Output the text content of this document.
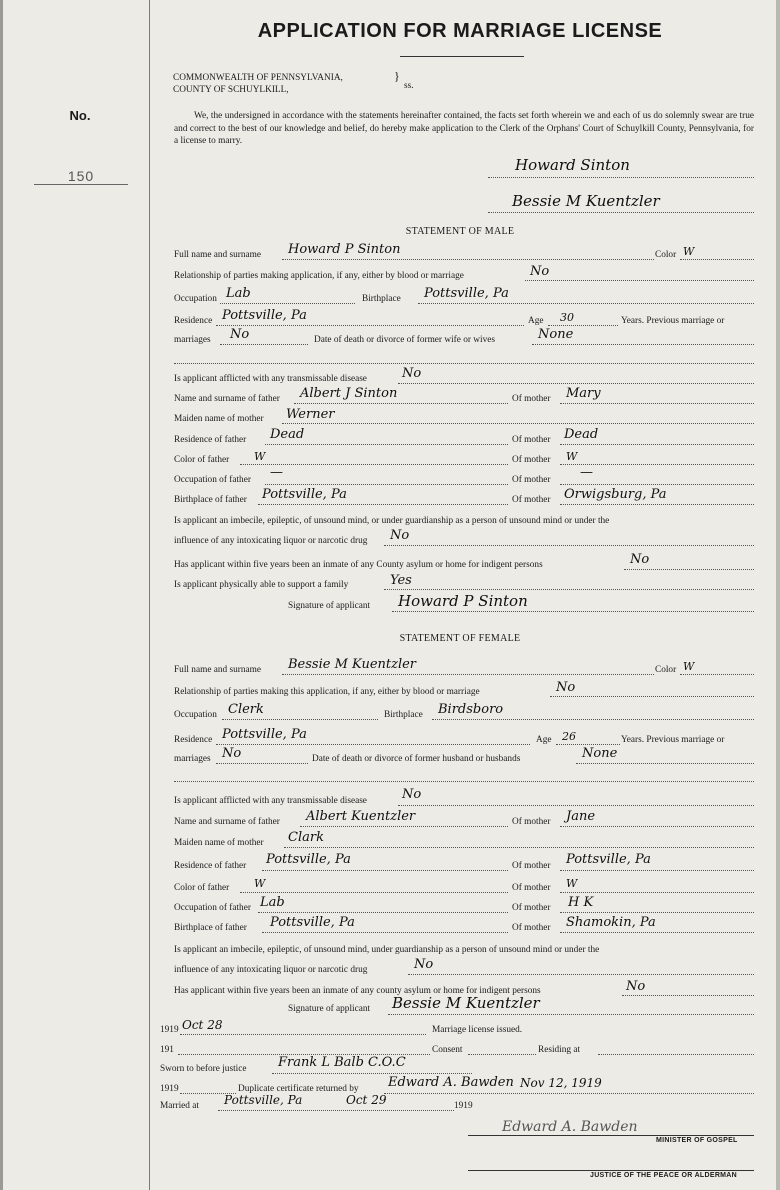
No.
150
APPLICATION FOR MARRIAGE LICENSE
COMMONWEALTH OF PENNSYLVANIA,
COUNTY OF SCHUYLKILL,
}
ss.
We, the undersigned in accordance with the statements hereinafter contained, the facts set forth wherein we and each of us do solemnly swear are true and correct to the best of our knowledge and belief, do hereby make application to the Clerk of the Orphans' Court of Schuylkill County, Pennsylvania, for a license to marry.
Howard Sinton
Bessie M Kuentzler
STATEMENT OF MALE
Full name and surname Howard P Sinton	Color W
Relationship of parties making application, if any, either by blood or marriage	No
Occupation Lab	Birthplace Pottsville, Pa
Residence Pottsville, Pa	Age 30	Years. Previous marriage or
marriages No	Date of death or divorce of former wife or wives	None
Is applicant afflicted with any transmissable disease	No
Name and surname of father Albert J Sinton	Of mother Mary
Maiden name of mother Werner
Residence of father Dead	Of mother Dead
Color of father W	Of mother W
Occupation of father —	Of mother —
Birthplace of father Pottsville, Pa	Of mother Orwigsburg, Pa
Is applicant an imbecile, epileptic, of unsound mind, or under guardianship as a person of unsound mind or under the
influence of any intoxicating liquor or narcotic drug No
Has applicant within five years been an inmate of any County asylum or home for indigent persons	No
Is applicant physically able to support a family	Yes
Signature of applicant Howard P Sinton
STATEMENT OF FEMALE
Full name and surname Bessie M Kuentzler	Color W
Relationship of parties making this application, if any, either by blood or marriage	No
Occupation Clerk	Birthplace Birdsboro
Residence Pottsville, Pa	Age 26	Years. Previous marriage or
marriages No	Date of death or divorce of former husband or husbands	None
Is applicant afflicted with any transmissable disease	No
Name and surname of father Albert Kuentzler	Of mother Jane
Maiden name of mother Clark
Residence of father Pottsville, Pa	Of mother Pottsville, Pa
Color of father W	Of mother W
Occupation of father Lab	Of mother H K
Birthplace of father Pottsville, Pa	Of mother Shamokin, Pa
Is applicant an imbecile, epileptic, of unsound mind, under guardianship as a person of unsound mind or under the
influence of any intoxicating liquor or narcotic drug	No
Has applicant within five years been an inmate of any county asylum or home for indigent persons	No
Signature of applicant Bessie M Kuentzler
1919 Oct 28	Marriage license issued.
191	Consent	Residing at
Sworn to before justice Frank L Balb C.O.C
1919	Duplicate certificate returned by Edward A. Bawden Nov 12, 1919
Married at Pottsville, Pa	Oct 29	1919
Edward A. Bawden
MINISTER OF GOSPEL
JUSTICE OF THE PEACE OR ALDERMAN
